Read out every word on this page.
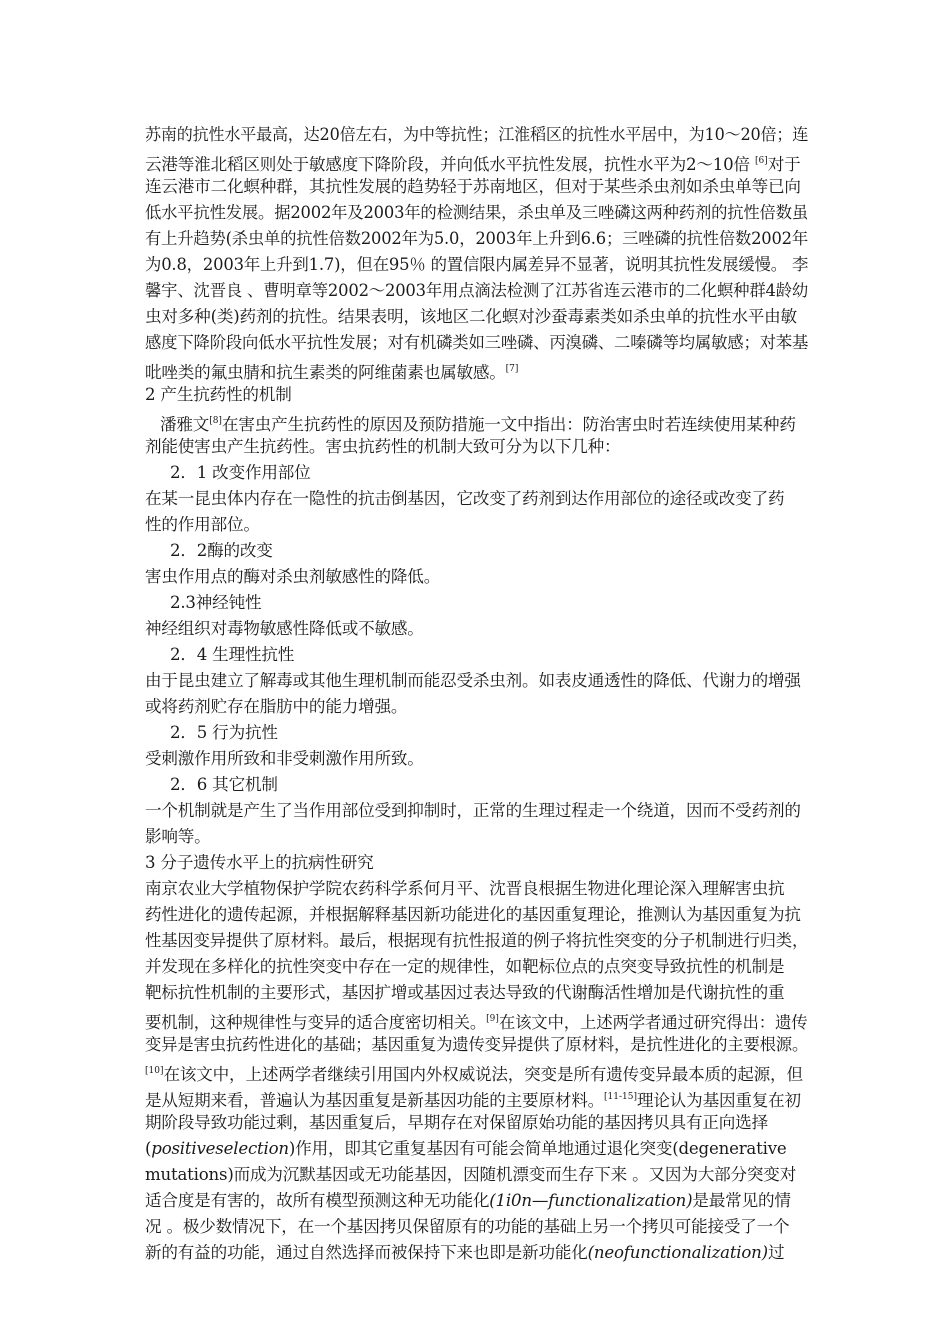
苏南的抗性水平最高，达20倍左右，为中等抗性；江淮稻区的抗性水平居中，为10～20倍；连
云港等淮北稻区则处于敏感度下降阶段，并向低水平抗性发展，抗性水平为2～10倍 [6]对于
连云港市二化螟种群，其抗性发展的趋势轻于苏南地区，但对于某些杀虫剂如杀虫单等已向
低水平抗性发展。据2002年及2003年的检测结果，杀虫单及三唑磷这两种药剂的抗性倍数虽
有上升趋势(杀虫单的抗性倍数2002年为5.0，2003年上升到6.6；三唑磷的抗性倍数2002年
为0.8，2003年上升到1.7)，但在95％ 的置信限内属差异不显著，说明其抗性发展缓慢。 李
馨宇、沈晋良 、曹明章等2002～2003年用点滴法检测了江苏省连云港市的二化螟种群4龄幼
虫对多种(类)药剂的抗性。结果表明，该地区二化螟对沙蚕毒素类如杀虫单的抗性水平由敏
感度下降阶段向低水平抗性发展；对有机磷类如三唑磷、丙溴磷、二嗪磷等均属敏感；对苯基
吡唑类的氟虫腈和抗生素类的阿维菌素也属敏感。[7]
2 产生抗药性的机制
潘雅文[8]在害虫产生抗药性的原因及预防措施一文中指出：防治害虫时若连续使用某种药
剂能使害虫产生抗药性。害虫抗药性的机制大致可分为以下几种：
2．1 改变作用部位
在某一昆虫体内存在一隐性的抗击倒基因，它改变了药剂到达作用部位的途径或改变了药
性的作用部位。
2．2酶的改变
害虫作用点的酶对杀虫剂敏感性的降低。
2.3神经钝性
神经组织对毒物敏感性降低或不敏感。
2．4 生理性抗性
由于昆虫建立了解毒或其他生理机制而能忍受杀虫剂。如表皮通透性的降低、代谢力的增强
或将药剂贮存在脂肪中的能力增强。
2．5 行为抗性
受刺激作用所致和非受刺激作用所致。
2．6 其它机制
一个机制就是产生了当作用部位受到抑制时，正常的生理过程走一个绕道，因而不受药剂的
影响等。
3 分子遗传水平上的抗病性研究
南京农业大学植物保护学院农药科学系何月平、沈晋良根据生物进化理论深入理解害虫抗
药性进化的遗传起源，并根据解释基因新功能进化的基因重复理论，推测认为基因重复为抗
性基因变异提供了原材料。最后，根据现有抗性报道的例子将抗性突变的分子机制进行归类，
并发现在多样化的抗性突变中存在一定的规律性，如靶标位点的点突变导致抗性的机制是
靶标抗性机制的主要形式，基因扩增或基因过表达导致的代谢酶活性增加是代谢抗性的重
要机制，这种规律性与变异的适合度密切相关。[9]在该文中，上述两学者通过研究得出：遗传
变异是害虫抗药性进化的基础；基因重复为遗传变异提供了原材料，是抗性进化的主要根源。
[10]在该文中，上述两学者继续引用国内外权威说法，突变是所有遗传变异最本质的起源，但
是从短期来看，普遍认为基因重复是新基因功能的主要原材料。[11-15]理论认为基因重复在初
期阶段导致功能过剩，基因重复后，早期存在对保留原始功能的基因拷贝具有正向选择
(positiveselection)作用，即其它重复基因有可能会简单地通过退化突变(degenerative
mutations)而成为沉默基因或无功能基因，因随机漂变而生存下来 。又因为大部分突变对
适合度是有害的，故所有模型预测这种无功能化(1i0n—functionalization)是最常见的情
况 。极少数情况下，在一个基因拷贝保留原有的功能的基础上另一个拷贝可能接受了一个
新的有益的功能，通过自然选择而被保持下来也即是新功能化(neofunctionalization)过
